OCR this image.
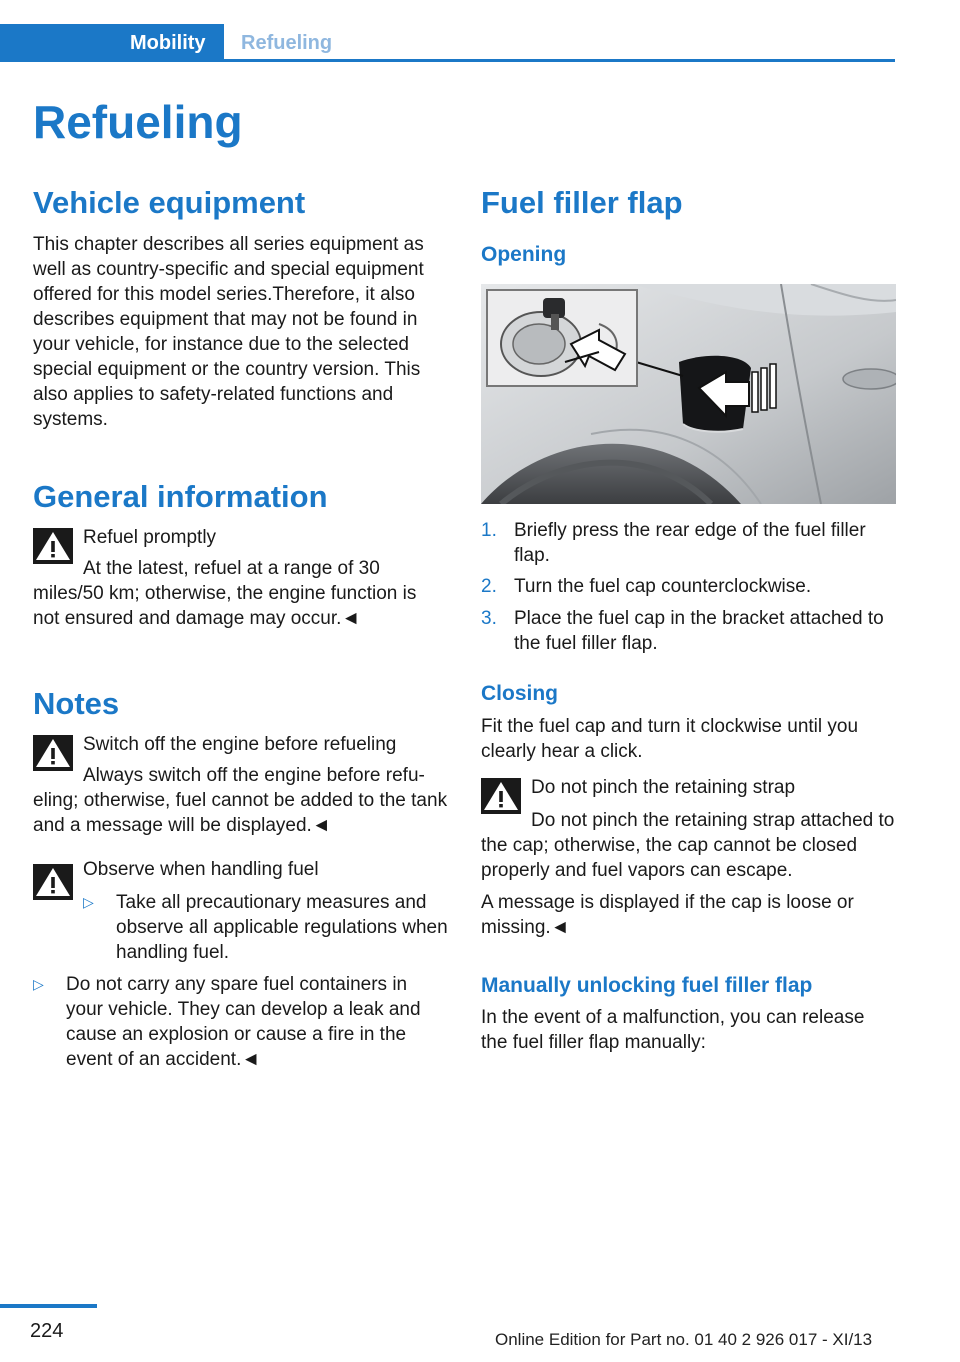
Mobility	Refueling
Refueling
Vehicle equipment
This chapter describes all series equipment as well as country-specific and special equipment offered for this model series.Therefore, it also describes equipment that may not be found in your vehicle, for instance due to the selected special equipment or the country version. This also applies to safety-related functions and systems.
General information
Refuel promptly
At the latest, refuel at a range of 30 miles/50 km; otherwise, the engine function is not ensured and damage may occur.◄
Notes
Switch off the engine before refueling
Always switch off the engine before refueling; otherwise, fuel cannot be added to the tank and a message will be displayed.◄
Observe when handling fuel
▷ Take all precautionary measures and observe all applicable regulations when handling fuel.
▷ Do not carry any spare fuel containers in your vehicle. They can develop a leak and cause an explosion or cause a fire in the event of an accident.◄
Fuel filler flap
Opening
MV03995CMA
1. Briefly press the rear edge of the fuel filler flap.
2. Turn the fuel cap counterclockwise.
3. Place the fuel cap in the bracket attached to the fuel filler flap.
Closing
Fit the fuel cap and turn it clockwise until you clearly hear a click.
Do not pinch the retaining strap
Do not pinch the retaining strap attached to the cap; otherwise, the cap cannot be closed properly and fuel vapors can escape.
A message is displayed if the cap is loose or missing.◄
Manually unlocking fuel filler flap
In the event of a malfunction, you can release the fuel filler flap manually:
224	Online Edition for Part no. 01 40 2 926 017 - XI/13
